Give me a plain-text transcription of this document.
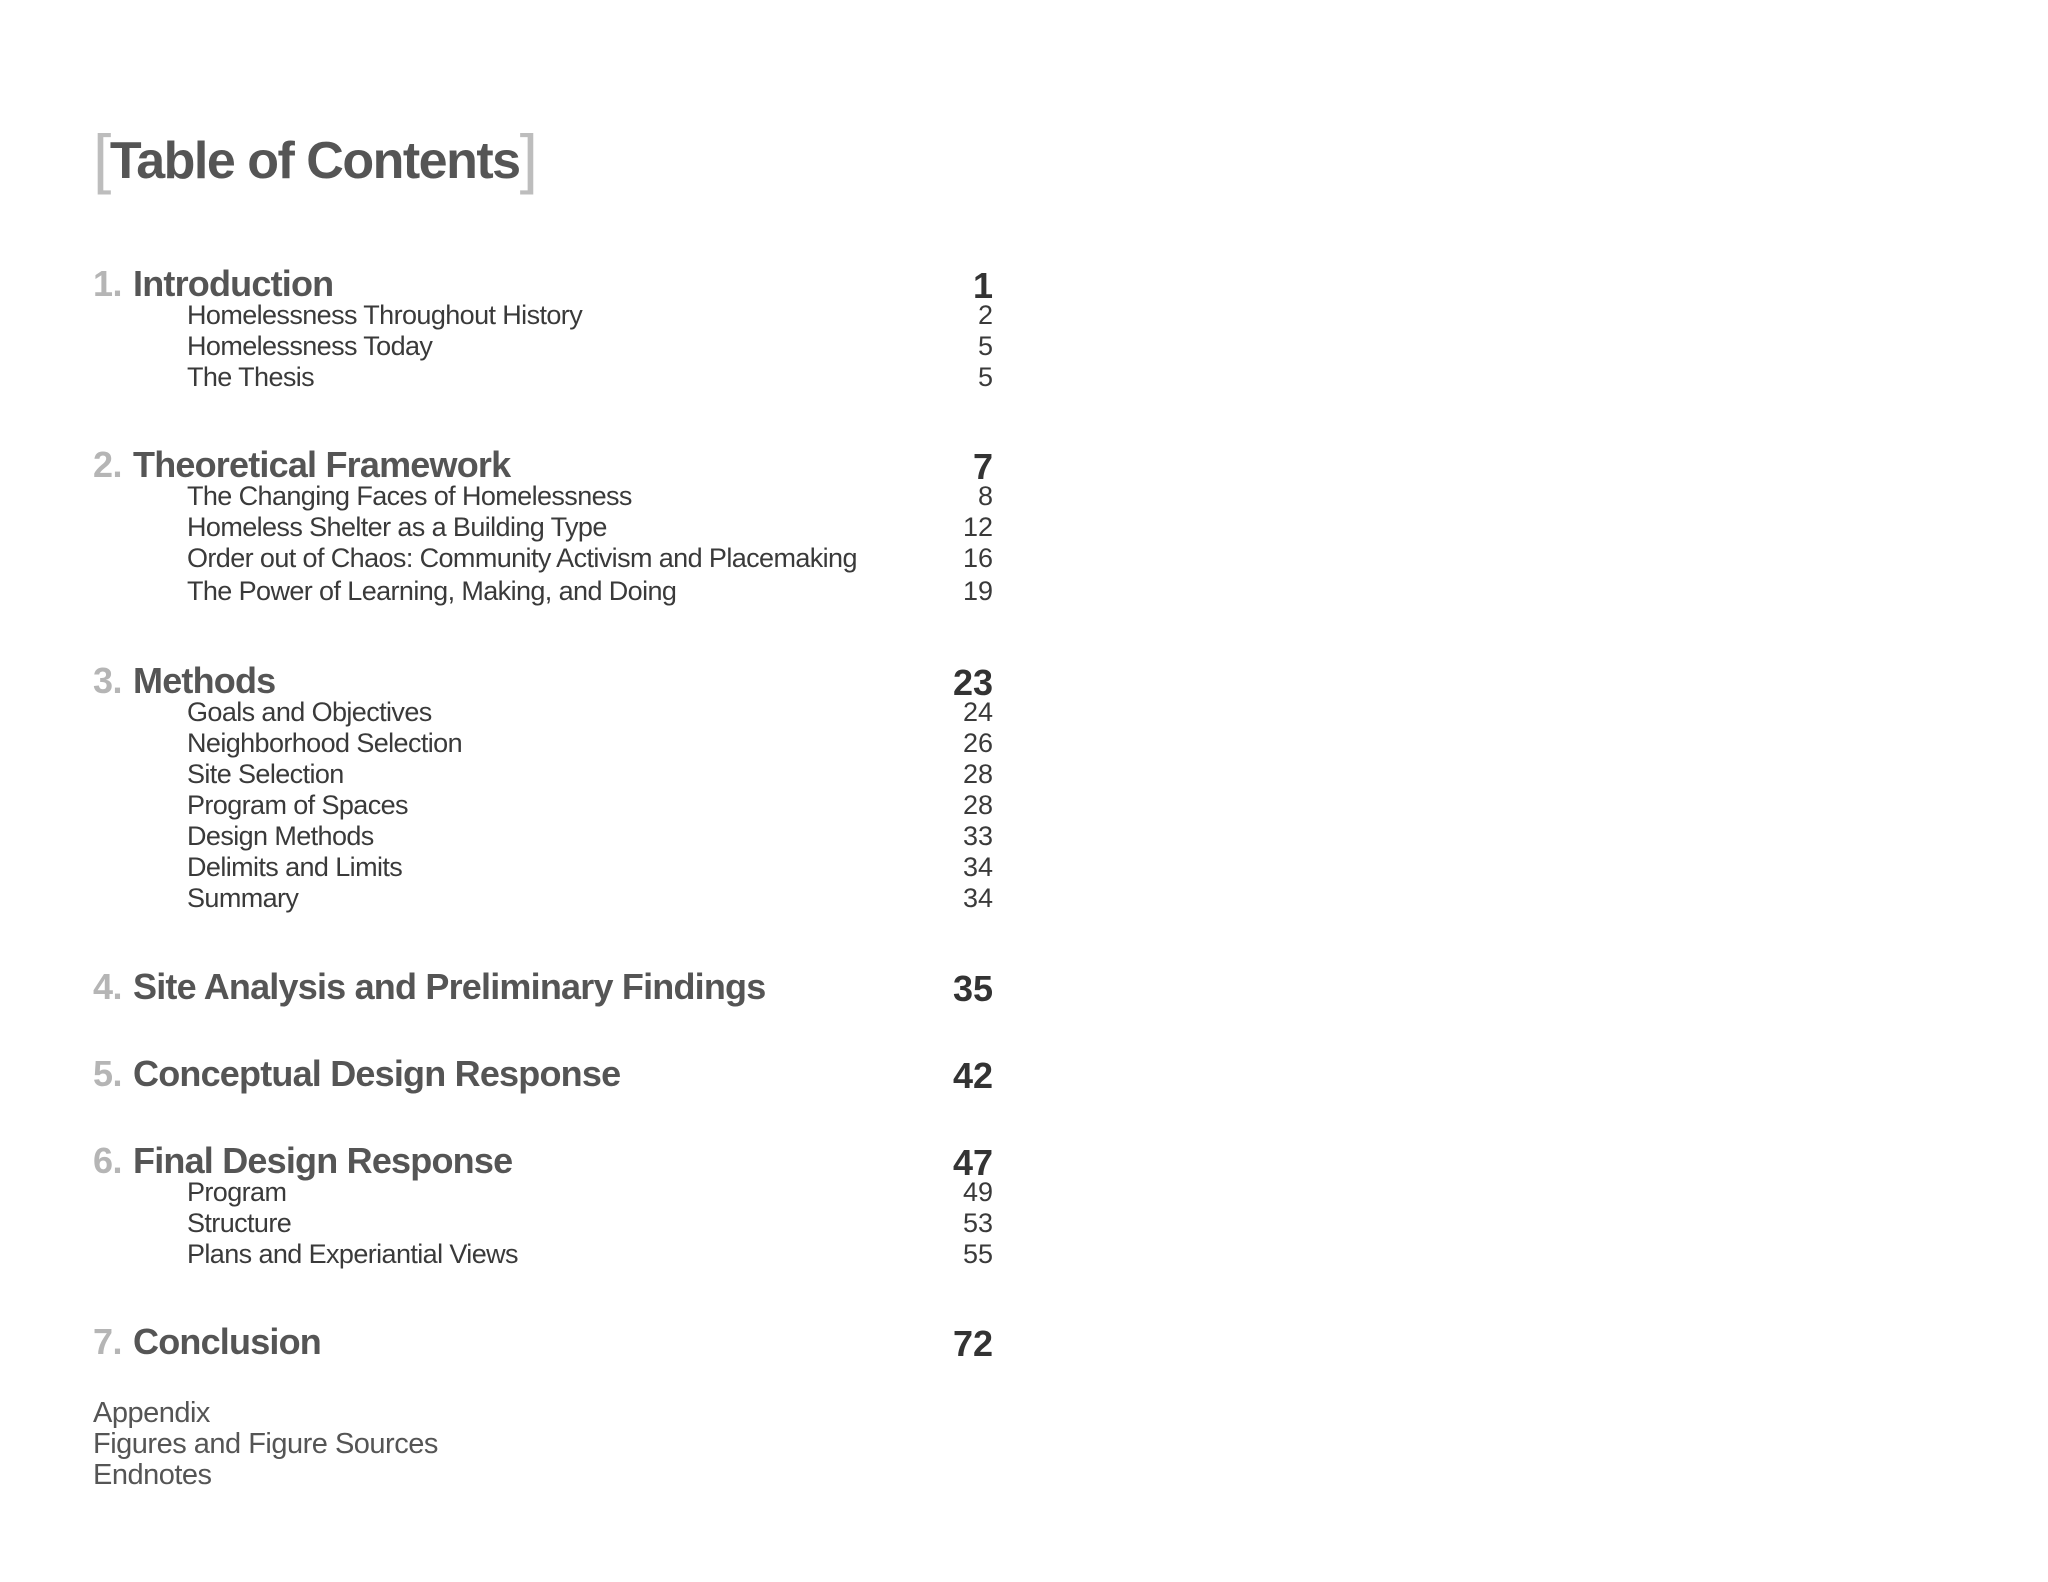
[Table of Contents]
1. Introduction	1
Homelessness Throughout History	2
Homelessness Today	5
The Thesis	5
2. Theoretical Framework	7
The Changing Faces of Homelessness	8
Homeless Shelter as a Building Type	12
Order out of Chaos: Community Activism and Placemaking	16
The Power of Learning, Making, and Doing	19
3. Methods	23
Goals and Objectives	24
Neighborhood Selection	26
Site Selection	28
Program of Spaces	28
Design Methods	33
Delimits and Limits	34
Summary	34
4. Site Analysis and Preliminary Findings	35
5. Conceptual Design Response	42
6. Final Design Response	47
Program	49
Structure	53
Plans and Experiantial Views	55
7. Conclusion	72
Appendix
Figures and Figure Sources
Endnotes
